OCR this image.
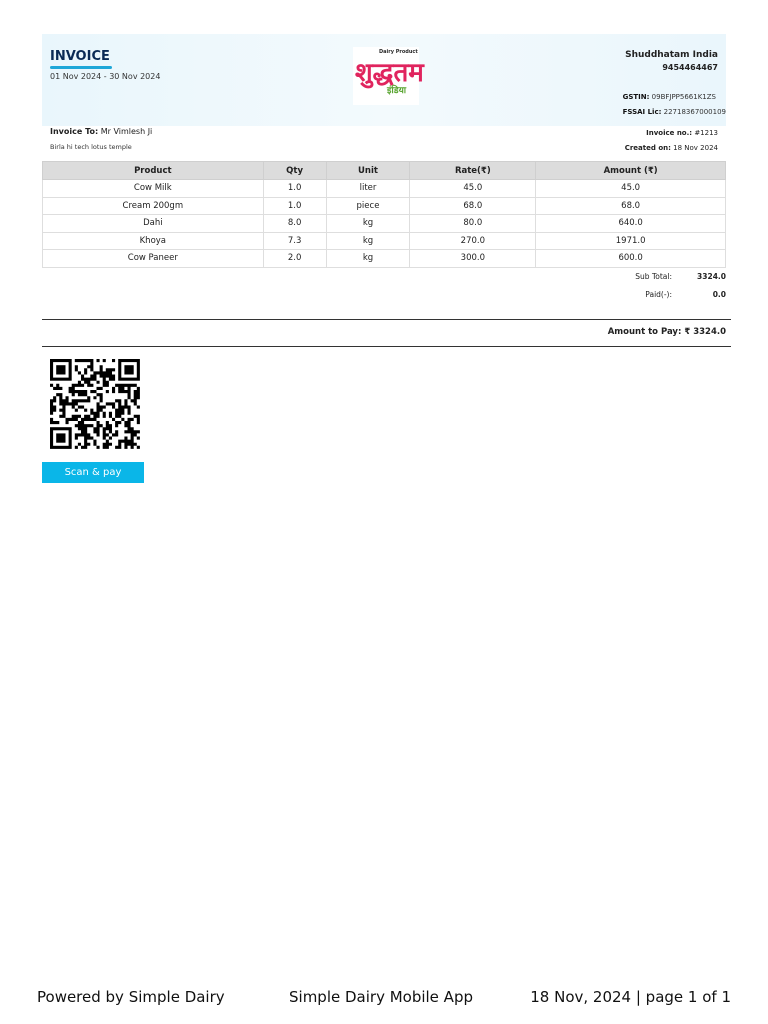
INVOICE
01 Nov 2024 - 30 Nov 2024	शुद्धतम
Dairy Product
इंडिया
Shuddhatam India
9454464467
GSTIN: 09BFJPP5661K1ZS
FSSAI Lic: 22718367000109
Invoice To: Mr Vimlesh Ji
Birla hi tech lotus temple
Invoice no.: #1213
Created on: 18 Nov 2024
Product	Qty	Unit	Rate(₹)	Amount (₹)
Cow Milk	1.0	liter	45.0	45.0
Cream 200gm	1.0	piece	68.0	68.0
Dahi	8.0	kg	80.0	640.0
Khoya	7.3	kg	270.0	1971.0
Cow Paneer	2.0	kg	300.0	600.0
Sub Total:	3324.0
Paid(-):	0.0
Amount to Pay: ₹ 3324.0
Scan & pay
Powered by Simple Dairy	Simple Dairy Mobile App	18 Nov, 2024 | page 1 of 1
